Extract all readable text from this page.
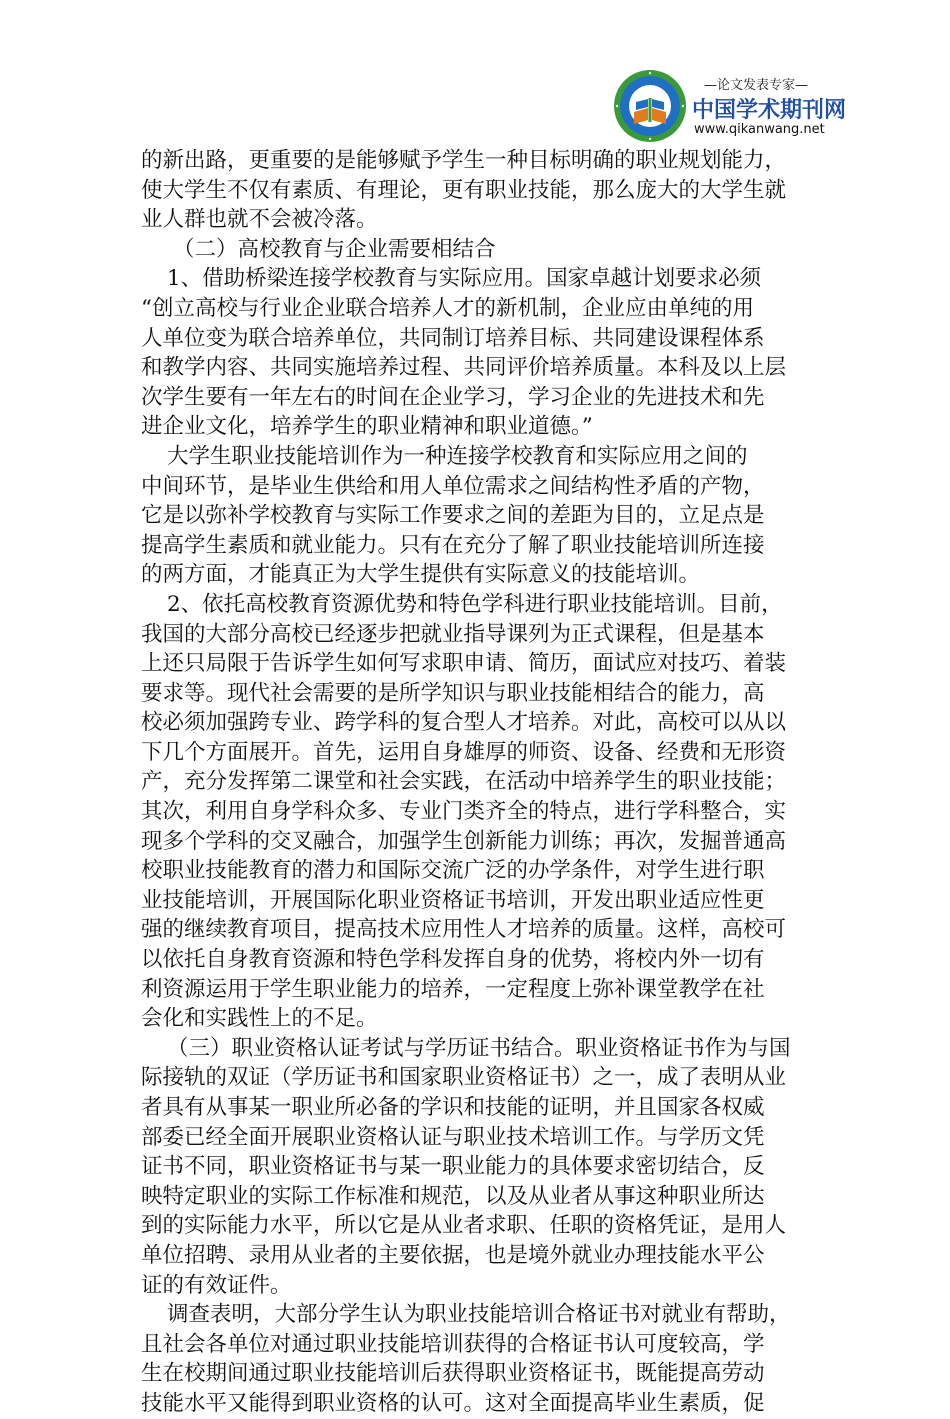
—论文发表专家—
中国学术期刊网
www.qikanwang.net
的新出路，更重要的是能够赋予学生一种目标明确的职业规划能力，
使大学生不仅有素质、有理论，更有职业技能，那么庞大的大学生就
业人群也就不会被冷落。
（二）高校教育与企业需要相结合
1、借助桥梁连接学校教育与实际应用。国家卓越计划要求必须
“创立高校与行业企业联合培养人才的新机制，企业应由单纯的用
人单位变为联合培养单位，共同制订培养目标、共同建设课程体系
和教学内容、共同实施培养过程、共同评价培养质量。本科及以上层
次学生要有一年左右的时间在企业学习，学习企业的先进技术和先
进企业文化，培养学生的职业精神和职业道德。”
大学生职业技能培训作为一种连接学校教育和实际应用之间的
中间环节，是毕业生供给和用人单位需求之间结构性矛盾的产物，
它是以弥补学校教育与实际工作要求之间的差距为目的，立足点是
提高学生素质和就业能力。只有在充分了解了职业技能培训所连接
的两方面，才能真正为大学生提供有实际意义的技能培训。
2、依托高校教育资源优势和特色学科进行职业技能培训。目前，
我国的大部分高校已经逐步把就业指导课列为正式课程，但是基本
上还只局限于告诉学生如何写求职申请、简历，面试应对技巧、着装
要求等。现代社会需要的是所学知识与职业技能相结合的能力，高
校必须加强跨专业、跨学科的复合型人才培养。对此，高校可以从以
下几个方面展开。首先，运用自身雄厚的师资、设备、经费和无形资
产，充分发挥第二课堂和社会实践，在活动中培养学生的职业技能；
其次，利用自身学科众多、专业门类齐全的特点，进行学科整合，实
现多个学科的交叉融合，加强学生创新能力训练；再次，发掘普通高
校职业技能教育的潜力和国际交流广泛的办学条件，对学生进行职
业技能培训，开展国际化职业资格证书培训，开发出职业适应性更
强的继续教育项目，提高技术应用性人才培养的质量。这样，高校可
以依托自身教育资源和特色学科发挥自身的优势，将校内外一切有
利资源运用于学生职业能力的培养，一定程度上弥补课堂教学在社
会化和实践性上的不足。
（三）职业资格认证考试与学历证书结合。职业资格证书作为与国
际接轨的双证（学历证书和国家职业资格证书）之一，成了表明从业
者具有从事某一职业所必备的学识和技能的证明，并且国家各权威
部委已经全面开展职业资格认证与职业技术培训工作。与学历文凭
证书不同，职业资格证书与某一职业能力的具体要求密切结合，反
映特定职业的实际工作标准和规范，以及从业者从事这种职业所达
到的实际能力水平，所以它是从业者求职、任职的资格凭证，是用人
单位招聘、录用从业者的主要依据，也是境外就业办理技能水平公
证的有效证件。
调查表明，大部分学生认为职业技能培训合格证书对就业有帮助，
且社会各单位对通过职业技能培训获得的合格证书认可度较高，学
生在校期间通过职业技能培训后获得职业资格证书，既能提高劳动
技能水平又能得到职业资格的认可。这对全面提高毕业生素质，促
